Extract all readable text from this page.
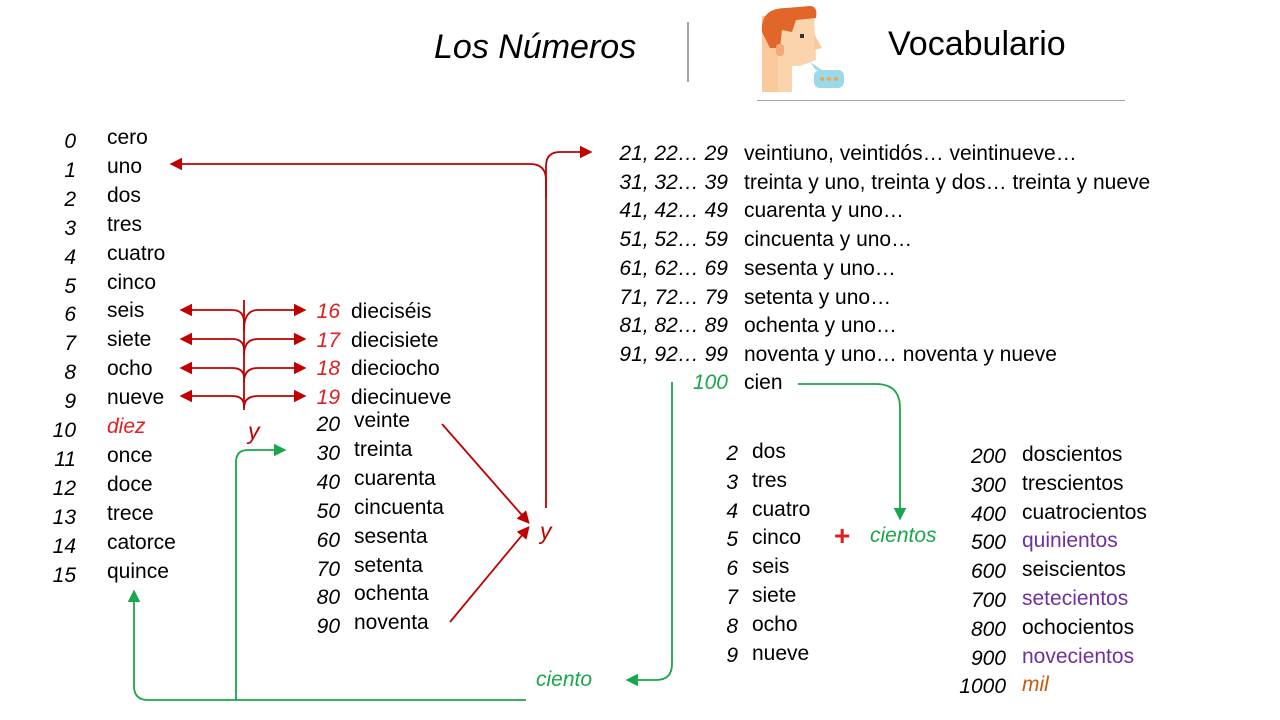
Los Números	Vocabulario
0 cero
1 uno
2 dos
3 tres
4 cuatro
5 cinco
6 seis
7 siete
8 ocho
9 nueve
10 diez
11 once
12 doce
13 trece
14 catorce
15 quince
16 dieciséis
17 diecisiete
18 dieciocho
19 diecinueve
20 veinte
30 treinta
40 cuarenta
50 cincuenta
60 sesenta
70 setenta
80 ochenta
90 noventa
21, 22… 29 veintiuno, veintidós… veintinueve…
31, 32… 39 treinta y uno, treinta y dos… treinta y nueve
41, 42… 49 cuarenta y uno…
51, 52… 59 cincuenta y uno…
61, 62… 69 sesenta y uno…
71, 72… 79 setenta y uno…
81, 82… 89 ochenta y uno…
91, 92… 99 noventa y uno… noventa y nueve
2 dos
3 tres
4 cuatro
5 cinco
6 seis
7 siete
8 ocho
9 nueve
200 doscientos
300 trescientos
400 cuatrocientos
500 quinientos
600 seiscientos
700 setecientos
800 ochocientos
900 novecientos
1000 mil
100 cien
y
y	+ cientos
ciento
